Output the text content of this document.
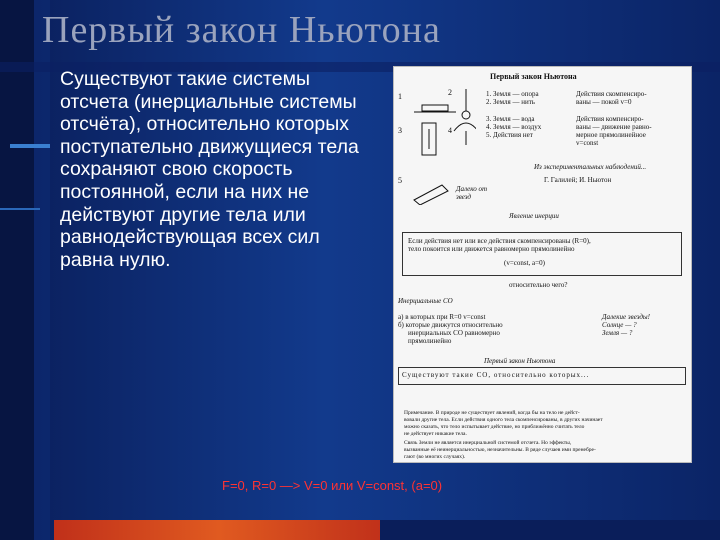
Первый закон Ньютона
Существуют такие системы отсчета (инерциальные системы отсчёта), относительно которых поступательно движущиеся тела сохраняют свою скорость постоянной, если на них не действуют другие тела или равнодействующая всех сил равна нулю.
Первый закон Ньютона
1
3
5
2
4
1. Земля — опора
2. Земля — нить
3. Земля — вода
4. Земля — воздух
5. Действия нет
Действия скомпенсиро-
ваны — покой v=0
Действия компенсиро-
ваны — движение равно-
мерное прямолинейное
v=const
Из экспериментальных наблюдений...
Г. Галилей; И. Ньютон
Далеко от звезд
Явление инерции
Если действия нет или все действия скомпенсированы (R=0),
тело покоится или движется равномерно прямолинейно
(v=const, a=0)
относительно чего?
Инерциальные СО
а) в которых при R=0 v=const
б) которые движутся относительно
инерциальных СО равномерно
прямолинейно
Далекие звезды!
Солнце — ?
Земля — ?
Первый закон Ньютона
Существуют такие СО, относительно которых...
Примечание. В природе не существует явлений, когда бы на тело не дейст-
вовали другие тела. Если действия одного тела скомпенсированы, в других начинает
можно сказать, что тело испытывает действие, но приближённо считать тело
не действует никакие тела.
Связь Земли не является инерциальной системой отсчета. Но эффекты,
вызванные её неинерциальностью, незначительны. В ряде случаев ими пренебре-
гают (во многих случаях).
F=0, R=0 —> V=0 или V=const, (a=0)
